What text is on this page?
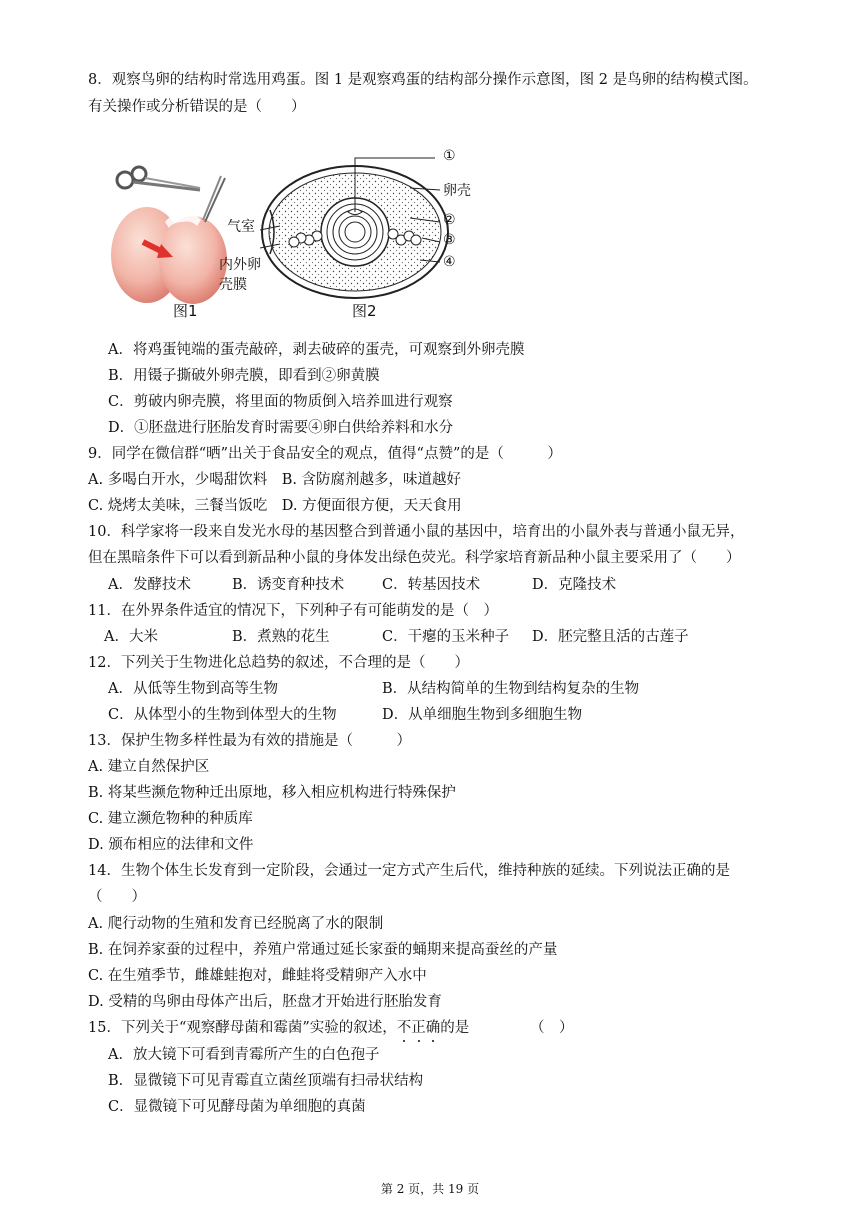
8．观察鸟卵的结构时常选用鸡蛋。图 1 是观察鸡蛋的结构部分操作示意图，图 2 是鸟卵的结构模式图。
有关操作或分析错误的是（　　）
图1
①
卵壳
②
③
④
气室
内外卵
壳膜
图2
A．将鸡蛋钝端的蛋壳敲碎，剥去破碎的蛋壳，可观察到外卵壳膜
B．用镊子撕破外卵壳膜，即看到②卵黄膜
C．剪破内卵壳膜，将里面的物质倒入培养皿进行观察
D．①胚盘进行胚胎发育时需要④卵白供给养料和水分
9．同学在微信群“晒”出关于食品安全的观点，值得“点赞”的是（　　　）
A. 多喝白开水，少喝甜饮料　B. 含防腐剂越多，味道越好
C. 烧烤太美味，三餐当饭吃　D. 方便面很方便，天天食用
10．科学家将一段来自发光水母的基因整合到普通小鼠的基因中，培育出的小鼠外表与普通小鼠无异，
但在黑暗条件下可以看到新品种小鼠的身体发出绿色荧光。科学家培育新品种小鼠主要采用了（　　）
A．发酵技术	B．诱变育种技术	C．转基因技术	D．克隆技术
11．在外界条件适宜的情况下，下列种子有可能萌发的是（　）
A．大米	B．煮熟的花生	C．干瘪的玉米种子 D．胚完整且活的古莲子
12．下列关于生物进化总趋势的叙述，不合理的是（　　）
A．从低等生物到高等生物	B．从结构简单的生物到结构复杂的生物
C．从体型小的生物到体型大的生物	D．从单细胞生物到多细胞生物
13．保护生物多样性最为有效的措施是（　　　）
A. 建立自然保护区
B. 将某些濒危物种迁出原地，移入相应机构进行特殊保护
C. 建立濒危物种的种质库
D. 颁布相应的法律和文件
14．生物个体生长发育到一定阶段，会通过一定方式产生后代，维持种族的延续。下列说法正确的是
（　　）
A. 爬行动物的生殖和发育已经脱离了水的限制
B. 在饲养家蚕的过程中，养殖户常通过延长家蚕的蛹期来提高蚕丝的产量
C. 在生殖季节，雌雄蛙抱对，雌蛙将受精卵产入水中
D. 受精的鸟卵由母体产出后，胚盘才开始进行胚胎发育
15．下列关于“观察酵母菌和霉菌”实验的叙述，不
正
确
的是	（　）
A．放大镜下可看到青霉所产生的白色孢子
B．显微镜下可见青霉直立菌丝顶端有扫帚状结构
C．显微镜下可见酵母菌为单细胞的真菌
第 2 页，共 19 页
